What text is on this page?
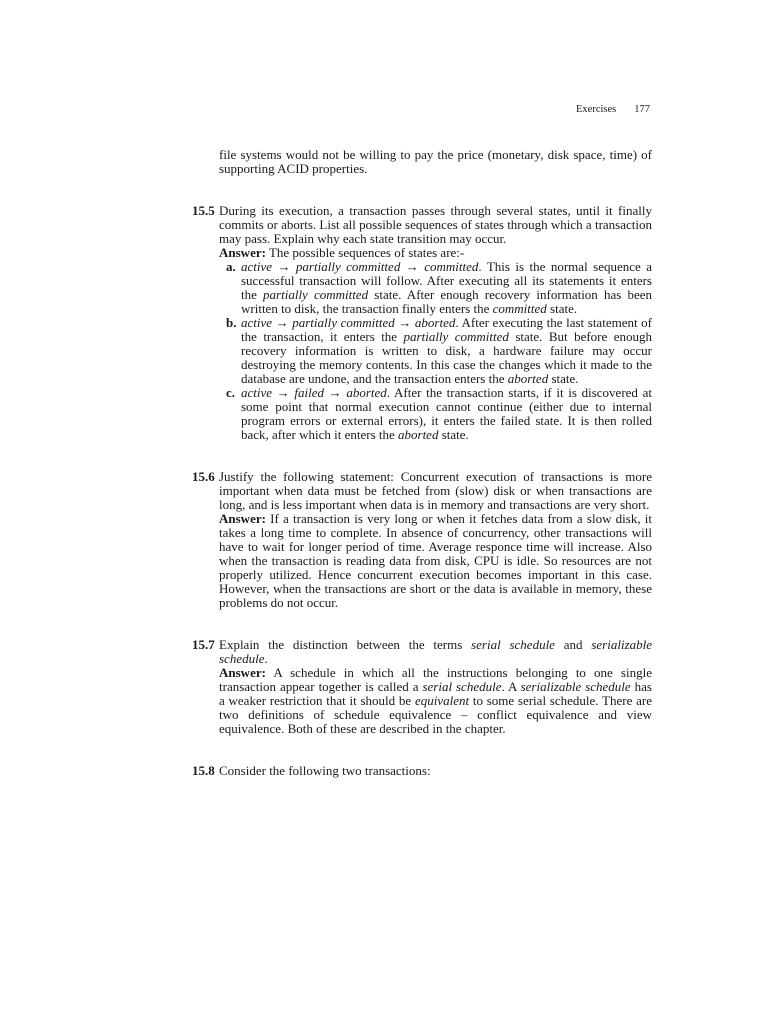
Exercises 177

file systems would not be willing to pay the price (monetary, disk space, time) of supporting ACID properties.

15.5 During its execution, a transaction passes through several states, until it finally commits or aborts. List all possible sequences of states through which a transaction may pass. Explain why each state transition may occur.

Answer: The possible sequences of states are:-

a. active → partially committed → committed. This is the normal sequence a successful transaction will follow. After executing all its statements it enters the partially committed state. After enough recovery information has been written to disk, the transaction finally enters the committed state.
b. active → partially committed → aborted. After executing the last statement of the transaction, it enters the partially committed state. But before enough recovery information is written to disk, a hardware failure may occur destroying the memory contents. In this case the changes which it made to the database are undone, and the transaction enters the aborted state.
c. active → failed → aborted. After the transaction starts, if it is discovered at some point that normal execution cannot continue (either due to internal program errors or external errors), it enters the failed state. It is then rolled back, after which it enters the aborted state.
15.6 Justify the following statement: Concurrent execution of transactions is more important when data must be fetched from (slow) disk or when transactions are long, and is less important when data is in memory and transactions are very short.

Answer: If a transaction is very long or when it fetches data from a slow disk, it takes a long time to complete. In absence of concurrency, other transactions will have to wait for longer period of time. Average responce time will increase. Also when the transaction is reading data from disk, CPU is idle. So resources are not properly utilized. Hence concurrent execution becomes important in this case. However, when the transactions are short or the data is available in memory, these problems do not occur.

15.7 Explain the distinction between the terms serial schedule and serializable schedule.

Answer: A schedule in which all the instructions belonging to one single transaction appear together is called a serial schedule. A serializable schedule has a weaker restriction that it should be equivalent to some serial schedule. There are two definitions of schedule equivalence – conflict equivalence and view equivalence. Both of these are described in the chapter.

15.8 Consider the following two transactions:
